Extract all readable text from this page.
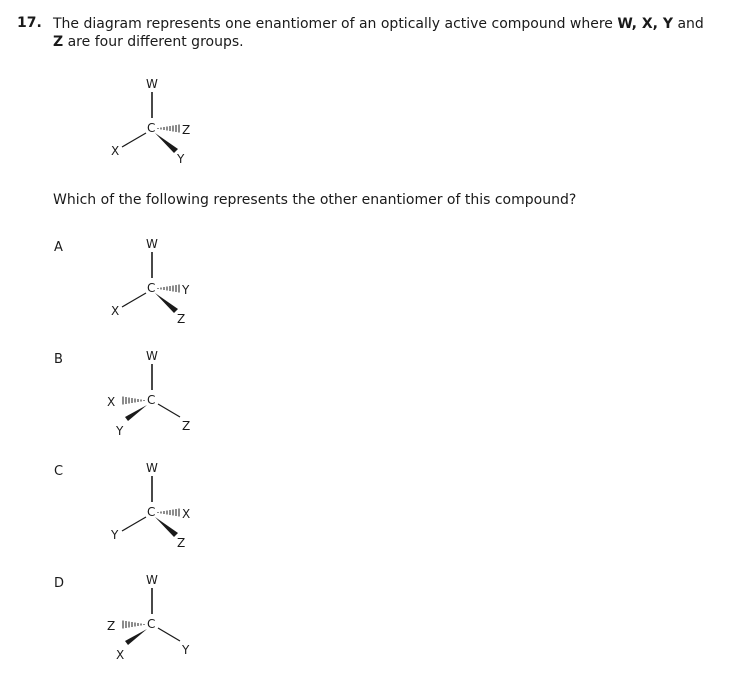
17. The diagram represents one enantiomer of an optically active compound where W, X, Y and
Z are four different groups.
W
C
X
Z
Y
Which of the following represents the other enantiomer of this compound?
A	W
C
X
Y
Z
B	W
C
Z
X
Y
C	W
C
Y
X
Z
D	W
C
Y
Z
X
